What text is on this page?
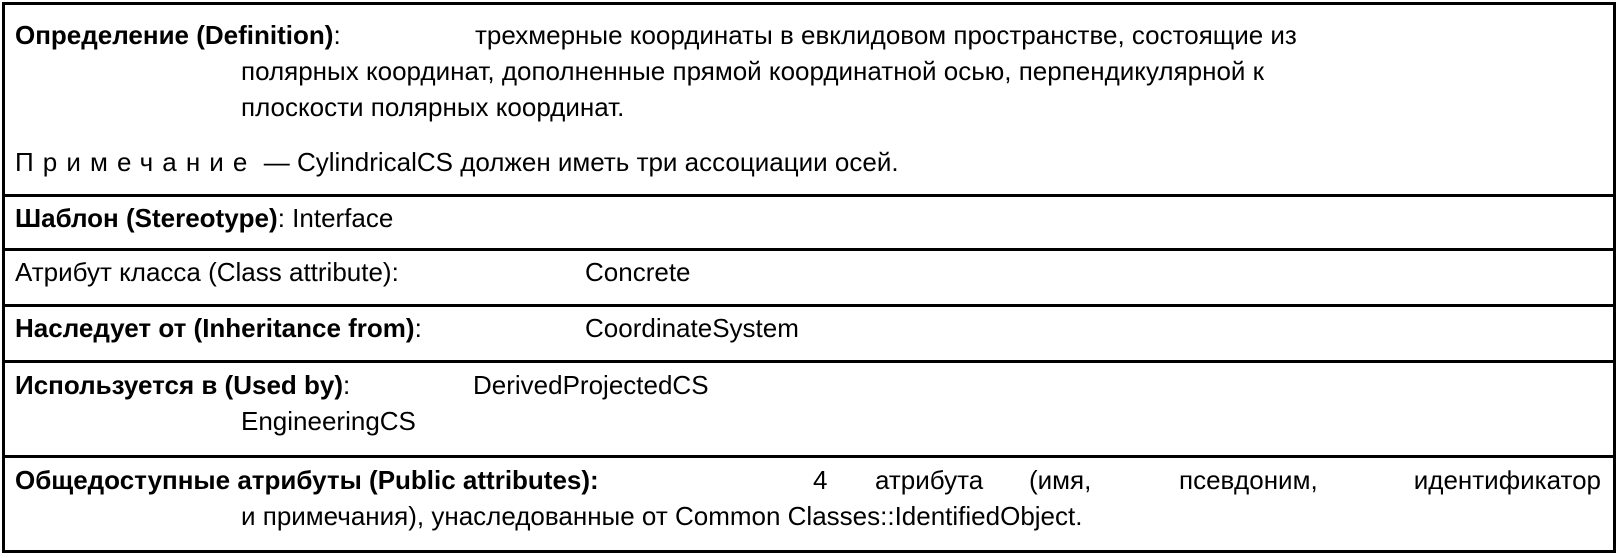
Определение (Definition):	трехмерные координаты в евклидовом пространстве, состоящие из
полярных координат, дополненные прямой координатной осью, перпендикулярной к
плоскости полярных координат.
Примечание — CylindricalCS должен иметь три ассоциации осей.
Шаблон (Stereotype): Interface
Атрибут класса (Class attribute):	Concrete
Наследует от (Inheritance from):	CoordinateSystem
Используется в (Used by):	DerivedProjectedCS
EngineeringCS
Общедоступные атрибуты (Public attributes):	4 атрибута (имя,	псевдоним,	идентификатор
и примечания), унаследованные от Common Classes::IdentifiedObject.
